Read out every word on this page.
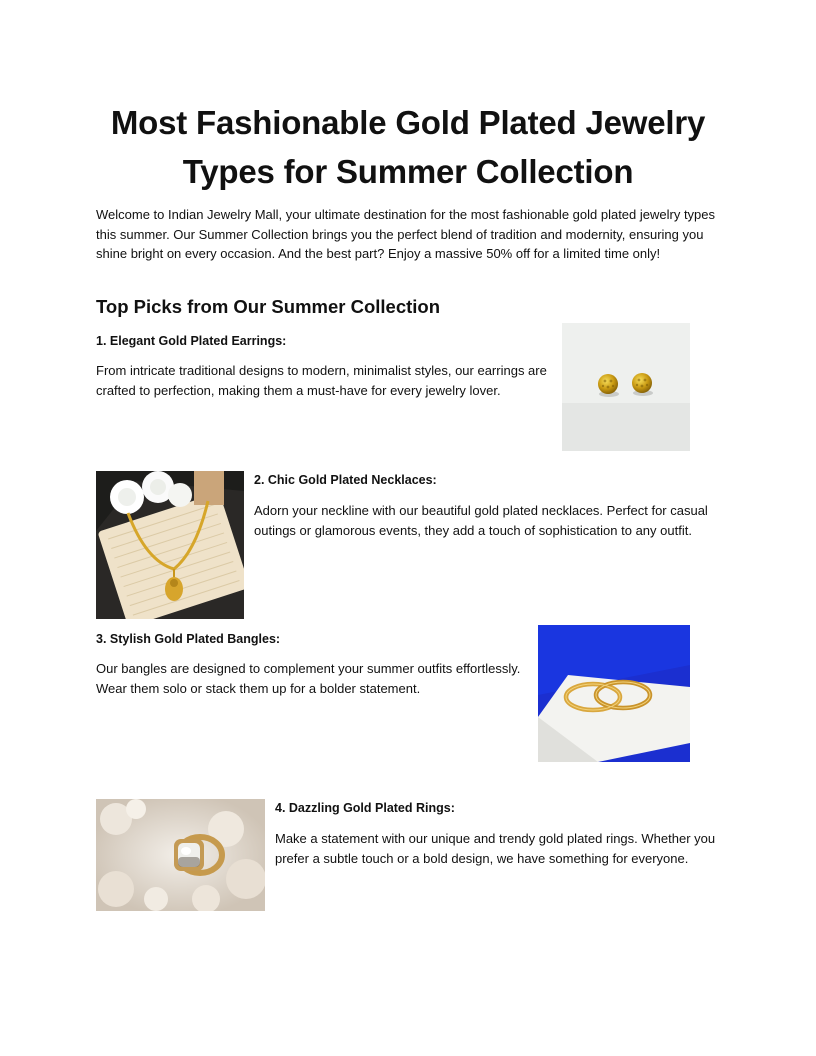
Most Fashionable Gold Plated Jewelry
Types for Summer Collection

Welcome to Indian Jewelry Mall, your ultimate destination for the most fashionable gold plated jewelry types this summer. Our Summer Collection brings you the perfect blend of tradition and modernity, ensuring you shine bright on every occasion. And the best part? Enjoy a massive 50% off for a limited time only!

Top Picks from Our Summer Collection

1. Elegant Gold Plated Earrings:

From intricate traditional designs to modern, minimalist styles, our earrings are crafted to perfection, making them a must-have for every jewelry lover.

2. Chic Gold Plated Necklaces:

Adorn your neckline with our beautiful gold plated necklaces. Perfect for casual outings or glamorous events, they add a touch of sophistication to any outfit.

3. Stylish Gold Plated Bangles:

Our bangles are designed to complement your summer outfits effortlessly. Wear them solo or stack them up for a bolder statement.

4. Dazzling Gold Plated Rings:

Make a statement with our unique and trendy gold plated rings. Whether you prefer a subtle touch or a bold design, we have something for everyone.
